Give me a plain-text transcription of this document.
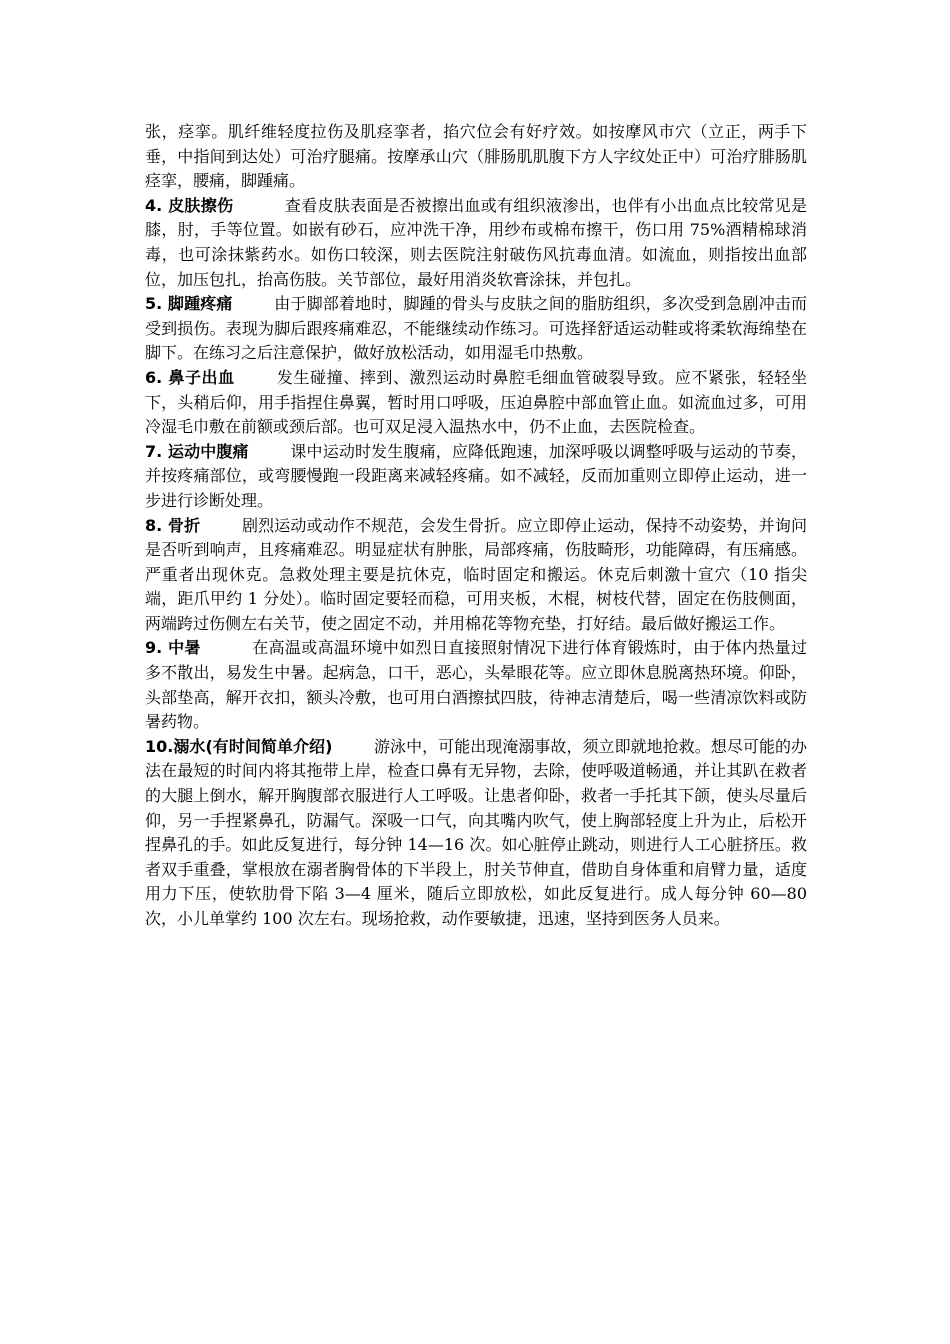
张，痉挛。肌纤维轻度拉伤及肌痉挛者，掐穴位会有好疗效。如按摩风市穴（立正，两手下垂，中指间到达处）可治疗腿痛。按摩承山穴（腓肠肌肌腹下方人字纹处正中）可治疗腓肠肌痉挛，腰痛，脚踵痛。

4. 皮肤擦伤	查看皮肤表面是否被擦出血或有组织液渗出，也伴有小出血点比较常见是膝，肘，手等位置。如嵌有砂石，应冲洗干净，用纱布或棉布擦干，伤口用 75%酒精棉球消毒，也可涂抹紫药水。如伤口较深，则去医院注射破伤风抗毒血清。如流血，则指按出血部位，加压包扎，抬高伤肢。关节部位，最好用消炎软膏涂抹，并包扎。

5. 脚踵疼痛	由于脚部着地时，脚踵的骨头与皮肤之间的脂肪组织，多次受到急剧冲击而受到损伤。表现为脚后跟疼痛难忍，不能继续动作练习。可选择舒适运动鞋或将柔软海绵垫在脚下。在练习之后注意保护，做好放松活动，如用湿毛巾热敷。

6. 鼻子出血	发生碰撞、摔到、激烈运动时鼻腔毛细血管破裂导致。应不紧张，轻轻坐下，头稍后仰，用手指捏住鼻翼，暂时用口呼吸，压迫鼻腔中部血管止血。如流血过多，可用冷湿毛巾敷在前额或颈后部。也可双足浸入温热水中，仍不止血，去医院检查。

7. 运动中腹痛	课中运动时发生腹痛，应降低跑速，加深呼吸以调整呼吸与运动的节奏，并按疼痛部位，或弯腰慢跑一段距离来减轻疼痛。如不减轻，反而加重则立即停止运动，进一步进行诊断处理。

8. 骨折	剧烈运动或动作不规范，会发生骨折。应立即停止运动，保持不动姿势，并询问是否听到响声，且疼痛难忍。明显症状有肿胀，局部疼痛，伤肢畸形，功能障碍，有压痛感。严重者出现休克。急救处理主要是抗休克，临时固定和搬运。休克后刺激十宣穴（10 指尖端，距爪甲约 1 分处）。临时固定要轻而稳，可用夹板，木棍，树枝代替，固定在伤肢侧面，两端跨过伤侧左右关节，使之固定不动，并用棉花等物充垫，打好结。最后做好搬运工作。

9. 中暑	在高温或高温环境中如烈日直接照射情况下进行体育锻炼时，由于体内热量过多不散出，易发生中暑。起病急，口干，恶心，头晕眼花等。应立即休息脱离热环境。仰卧，头部垫高，解开衣扣，额头冷敷，也可用白酒擦拭四肢，待神志清楚后，喝一些清凉饮料或防暑药物。

10.溺水(有时间简单介绍)	游泳中，可能出现淹溺事故，须立即就地抢救。想尽可能的办法在最短的时间内将其拖带上岸，检查口鼻有无异物，去除，使呼吸道畅通，并让其趴在救者的大腿上倒水，解开胸腹部衣服进行人工呼吸。让患者仰卧，救者一手托其下颌，使头尽量后仰，另一手捏紧鼻孔，防漏气。深吸一口气，向其嘴内吹气，使上胸部轻度上升为止，后松开捏鼻孔的手。如此反复进行，每分钟 14—16 次。如心脏停止跳动，则进行人工心脏挤压。救者双手重叠，掌根放在溺者胸骨体的下半段上，肘关节伸直，借助自身体重和肩臂力量，适度用力下压，使软肋骨下陷 3—4 厘米，随后立即放松，如此反复进行。成人每分钟 60—80 次，小儿单掌约 100 次左右。现场抢救，动作要敏捷，迅速，坚持到医务人员来。
